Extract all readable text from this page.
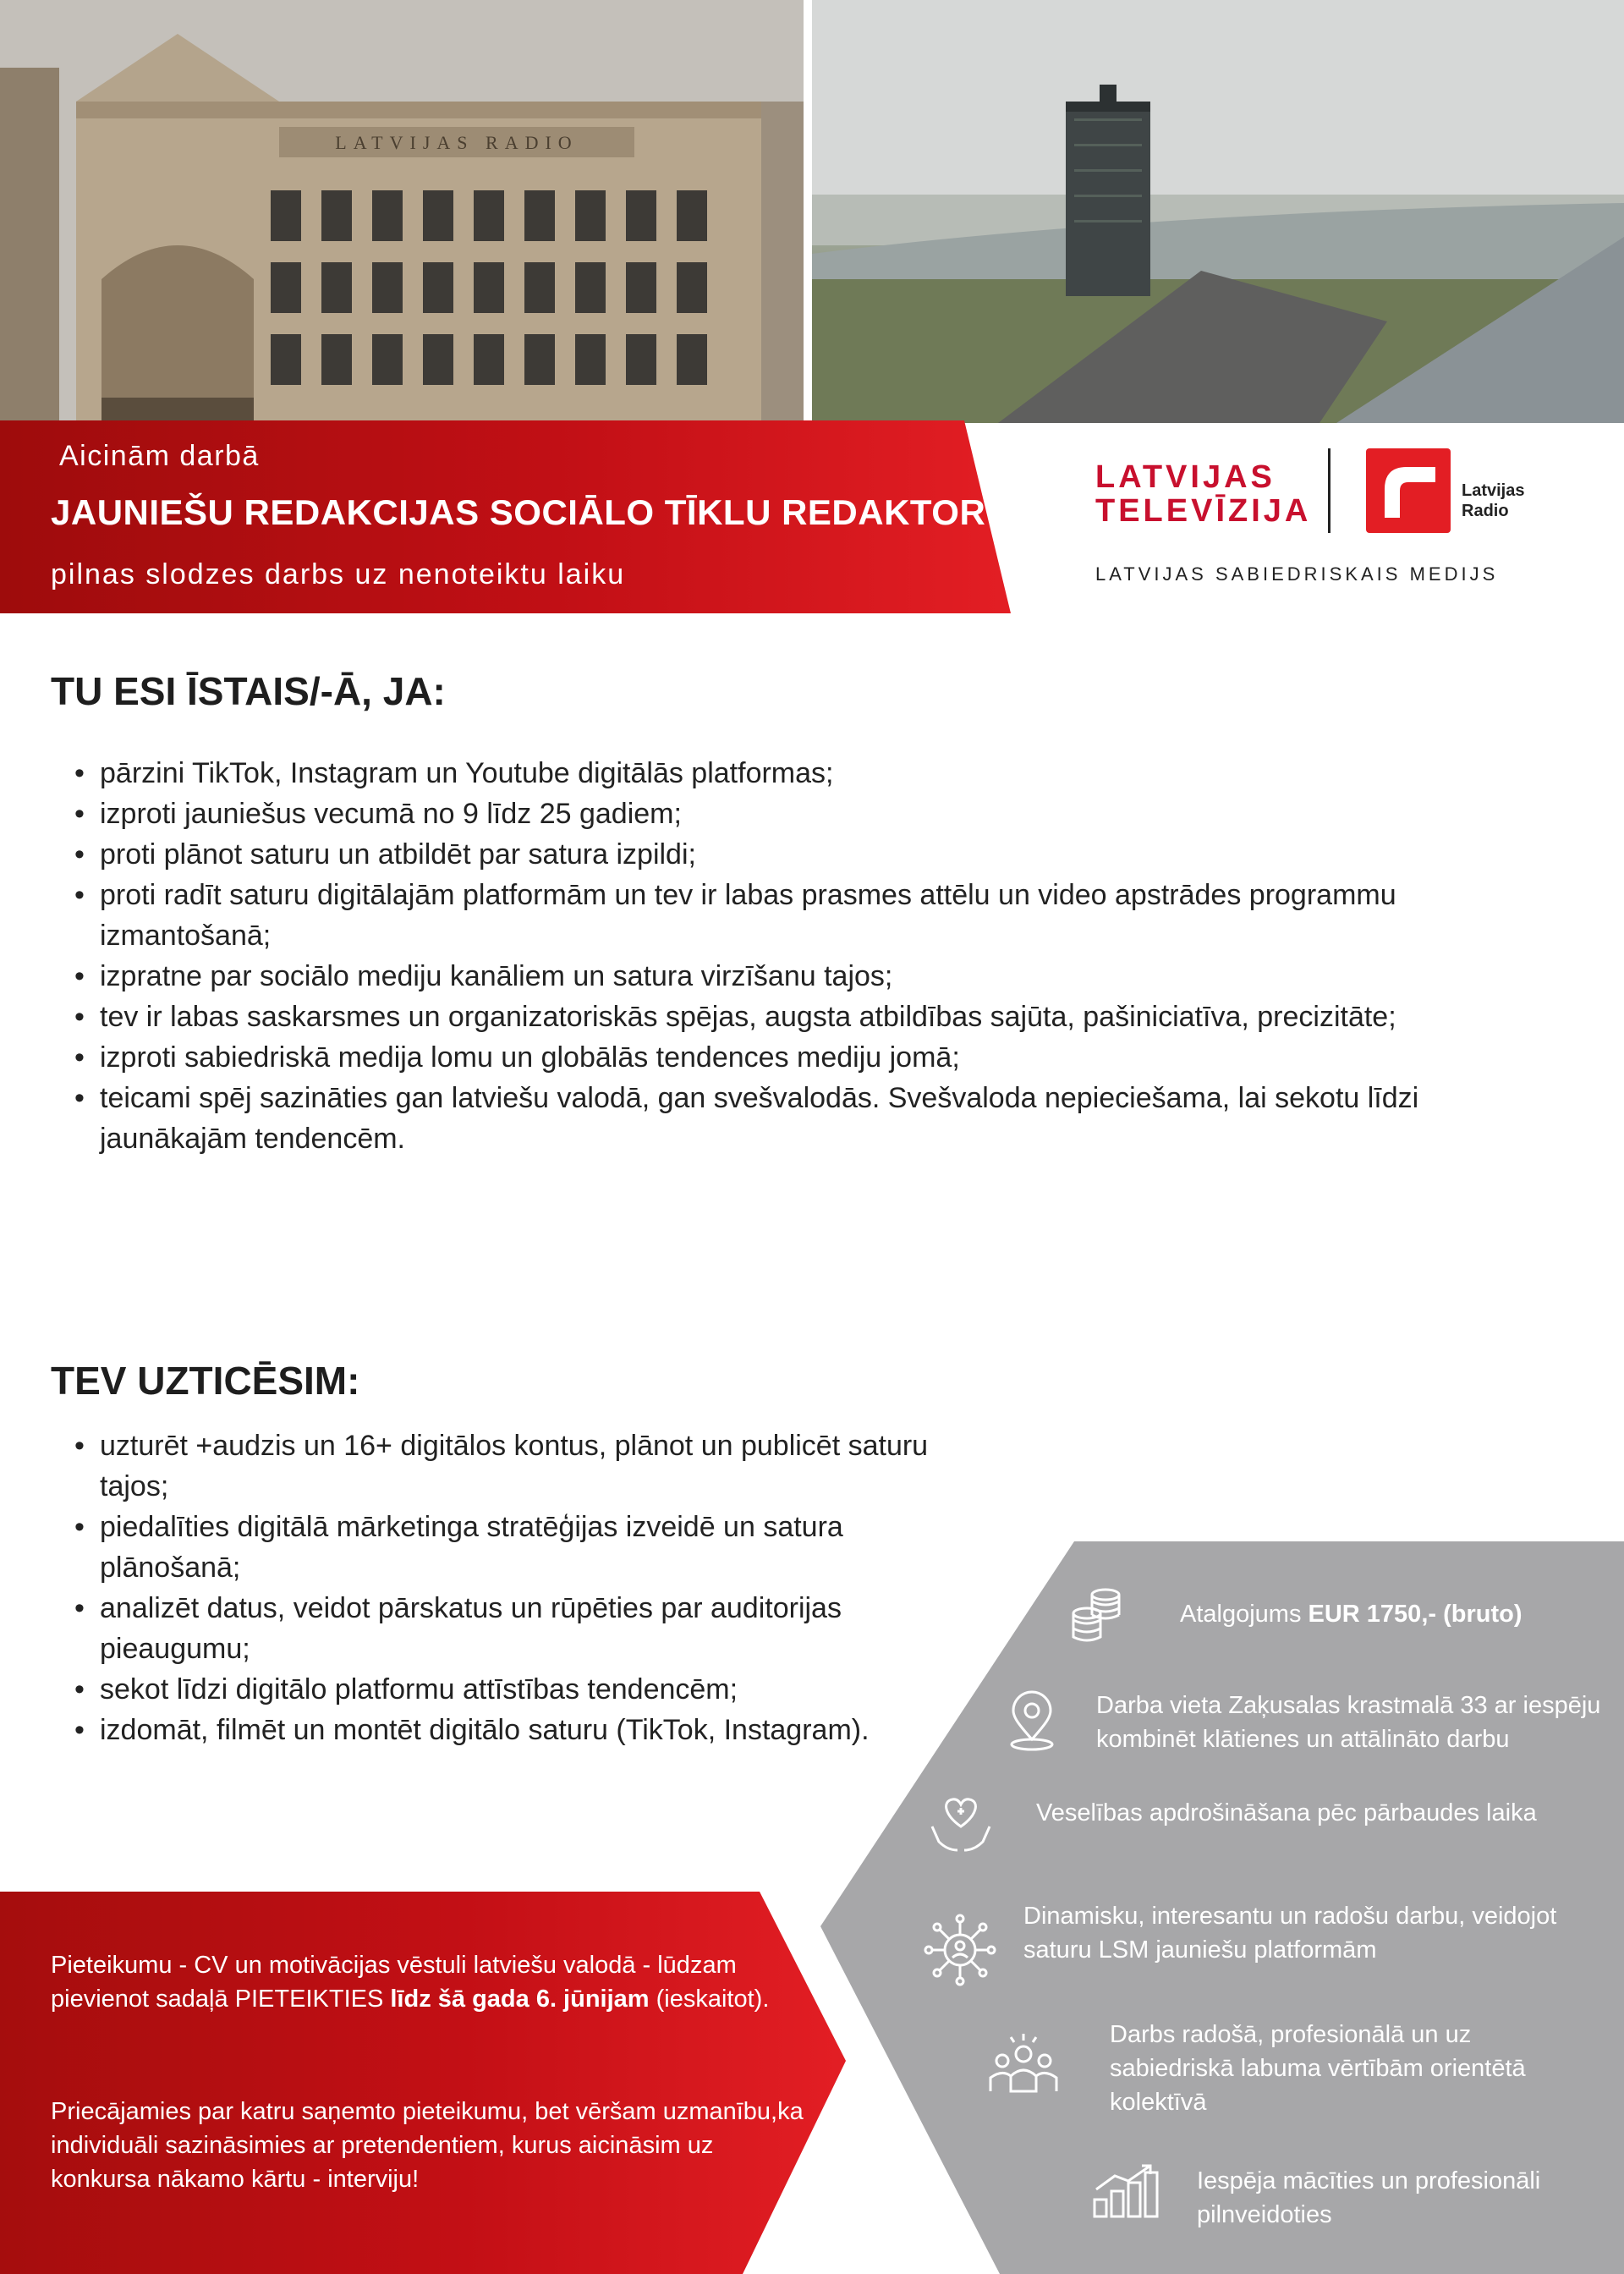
LATVIJAS RADIO
Aicinām darbā
JAUNIEŠU REDAKCIJAS SOCIĀLO TĪKLU REDAKTORU/-I
pilnas slodzes darbs uz nenoteiktu laiku
LATVIJAS
TELEVĪZIJA
Latvijas
Radio
LATVIJAS SABIEDRISKAIS MEDIJS
TU ESI ĪSTAIS/-Ā, JA:
• pārzini TikTok, Instagram un Youtube digitālās platformas;
• izproti jauniešus vecumā no 9 līdz 25 gadiem;
• proti plānot saturu un atbildēt par satura izpildi;
• proti radīt saturu digitālajām platformām un tev ir labas prasmes attēlu un video apstrādes programmu izmantošanā;
• izpratne par sociālo mediju kanāliem un satura virzīšanu tajos;
• tev ir labas saskarsmes un organizatoriskās spējas, augsta atbildības sajūta, pašiniciatīva, precizitāte;
• izproti sabiedriskā medija lomu un globālās tendences mediju jomā;
• teicami spēj sazināties gan latviešu valodā, gan svešvalodās. Svešvaloda nepieciešama, lai sekotu līdzi jaunākajām tendencēm.
TEV UZTICĒSIM:
• uzturēt +audzis un 16+ digitālos kontus, plānot un publicēt saturu tajos;
• piedalīties digitālā mārketinga stratēģijas izveidē un satura plānošanā;
• analizēt datus, veidot pārskatus un rūpēties par auditorijas pieaugumu;
• sekot līdzi digitālo platformu attīstības tendencēm;
• izdomāt, filmēt un montēt digitālo saturu (TikTok, Instagram).
Atalgojums EUR 1750,- (bruto)
Darba vieta Zaķusalas krastmalā 33 ar iespēju kombinēt klātienes un attālināto darbu
Veselības apdrošināšana pēc pārbaudes laika
Dinamisku, interesantu un radošu darbu, veidojot saturu LSM jauniešu platformām
Darbs radošā, profesionālā un uz sabiedriskā labuma vērtībām orientētā kolektīvā
Iespēja mācīties un profesionāli pilnveidoties

Pieteikumu - CV un motivācijas vēstuli latviešu valodā - lūdzam pievienot sadaļā PIETEIKTIES līdz šā gada 6. jūnijam (ieskaitot).

Priecājamies par katru saņemto pieteikumu, bet vēršam uzmanību,ka individuāli sazināsimies ar pretendentiem, kurus aicināsim uz konkursa nākamo kārtu - interviju!
